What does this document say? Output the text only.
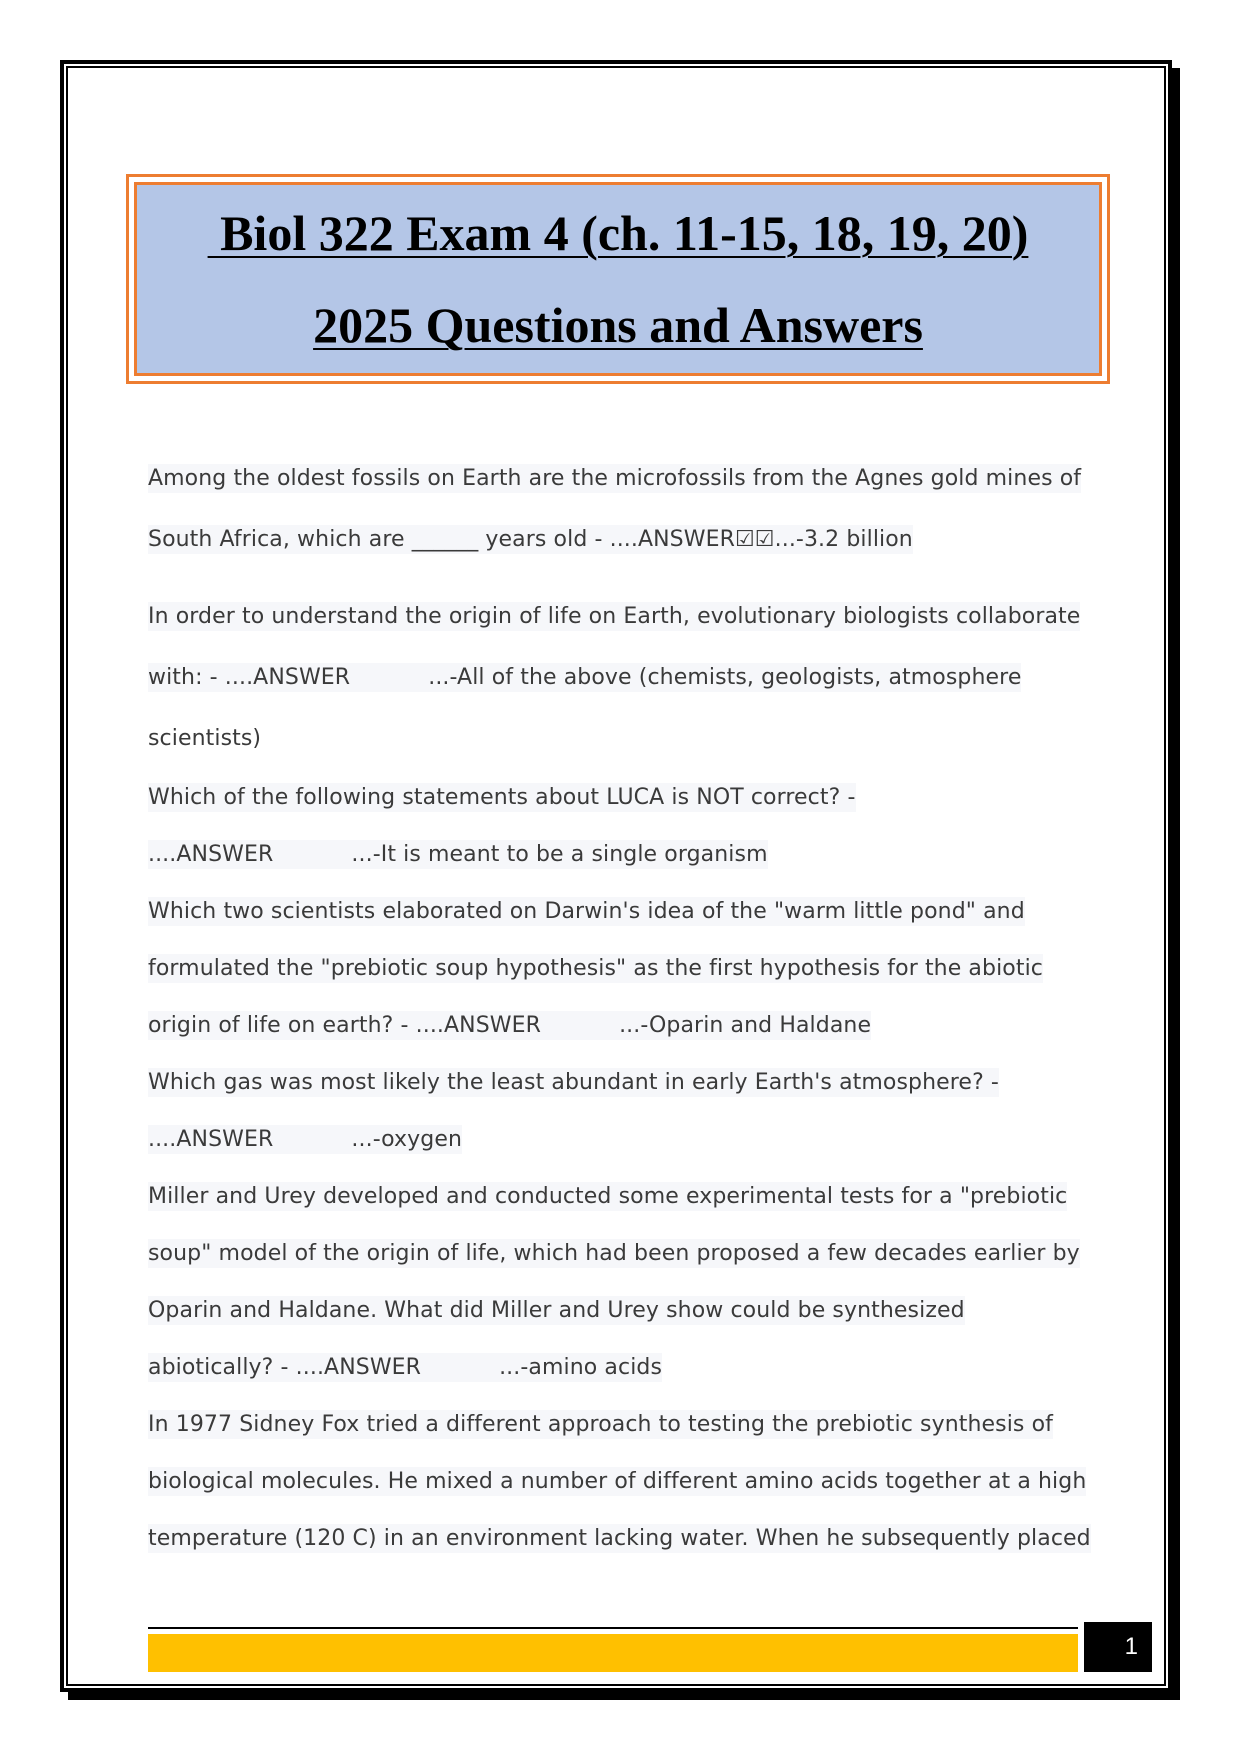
Biol 322 Exam 4 (ch. 11-15, 18, 19, 20)
2025 Questions and Answers
Among the oldest fossils on Earth are the microfossils from the Agnes gold mines of
South Africa, which are ______ years old - ....ANSWER☑☑...-3.2 billion
In order to understand the origin of life on Earth, evolutionary biologists collaborate
with: - ....ANSWER           ...-All of the above (chemists, geologists, atmosphere
scientists)
Which of the following statements about LUCA is NOT correct? -
....ANSWER           ...-It is meant to be a single organism
Which two scientists elaborated on Darwin's idea of the "warm little pond" and
formulated the "prebiotic soup hypothesis" as the first hypothesis for the abiotic
origin of life on earth? - ....ANSWER           ...-Oparin and Haldane
Which gas was most likely the least abundant in early Earth's atmosphere? -
....ANSWER           ...-oxygen
Miller and Urey developed and conducted some experimental tests for a "prebiotic
soup" model of the origin of life, which had been proposed a few decades earlier by
Oparin and Haldane. What did Miller and Urey show could be synthesized
abiotically? - ....ANSWER           ...-amino acids
In 1977 Sidney Fox tried a different approach to testing the prebiotic synthesis of
biological molecules. He mixed a number of different amino acids together at a high
temperature (120 C) in an environment lacking water. When he subsequently placed
1
